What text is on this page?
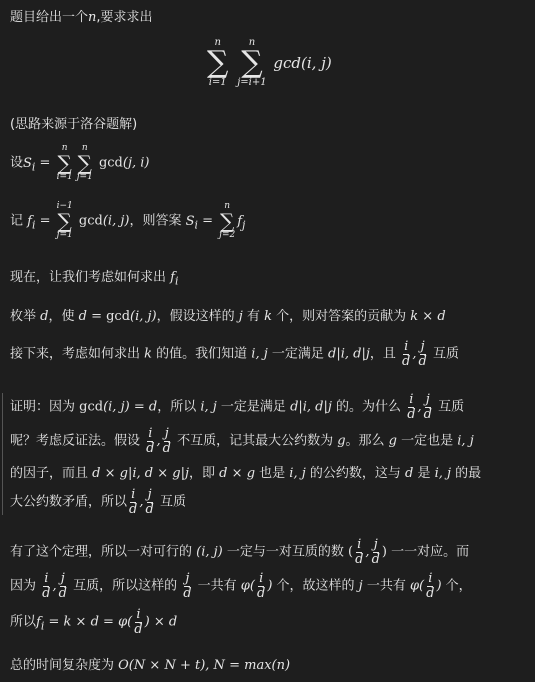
题目给出一个n,要求求出
n
∑
i=1

n
∑
j=i+1
gcd(i, j)
(思路来源于洛谷题解)
设$S_i$ =
n
∑
i=1
n
∑
j=1
gcd(j, i)
记 $f_i$ =
i−1
∑
j=1
gcd(i, j)，则答案 $S_i$ =
n
∑
j=2
$f_j$
现在，让我们考虑如何求出 $f_i$
枚举 d，使 d = gcd(i, j)，假设这样的 j 有 k 个，则对答案的贡献为 k × d
接下来，考虑如何求出 k 的值。我们知道 i, j 一定满足 d|i, d|j，且 $\frac{i}{d}$ , $\frac{j}{d}$ 互质
证明：因为 gcd(i, j) = d，所以 i, j 一定是满足 d|i, d|j 的。为什么 $\frac{i}{d}$ , $\frac{j}{d}$ 互质
呢？考虑反证法。假设 $\frac{i}{d}$ , $\frac{j}{d}$ 不互质，记其最大公约数为 g。那么 g 一定也是 i, j
的因子，而且 d × g|i, d × g|j，即 d × g 也是 i, j 的公约数，这与 d 是 i, j 的最
大公约数矛盾，所以 $\frac{i}{d}$ , $\frac{j}{d}$ 互质
有了这个定理，所以一对可行的 (i, j) 一定与一对互质的数 ( $\frac{i}{d}$ , $\frac{j}{d}$ ) 一一对应。而
因为 $\frac{i}{d}$ , $\frac{j}{d}$ 互质，所以这样的 $\frac{j}{d}$ 一共有 $\varphi( \frac{i}{d}$ ) 个，故这样的 j 一共有 $\varphi( \frac{i}{d}$ ) 个，
所以$f_i = k \times d = \varphi( \frac{i}{d}$ ) × d
总的时间复杂度为 O(N × N + t), N = max(n)
